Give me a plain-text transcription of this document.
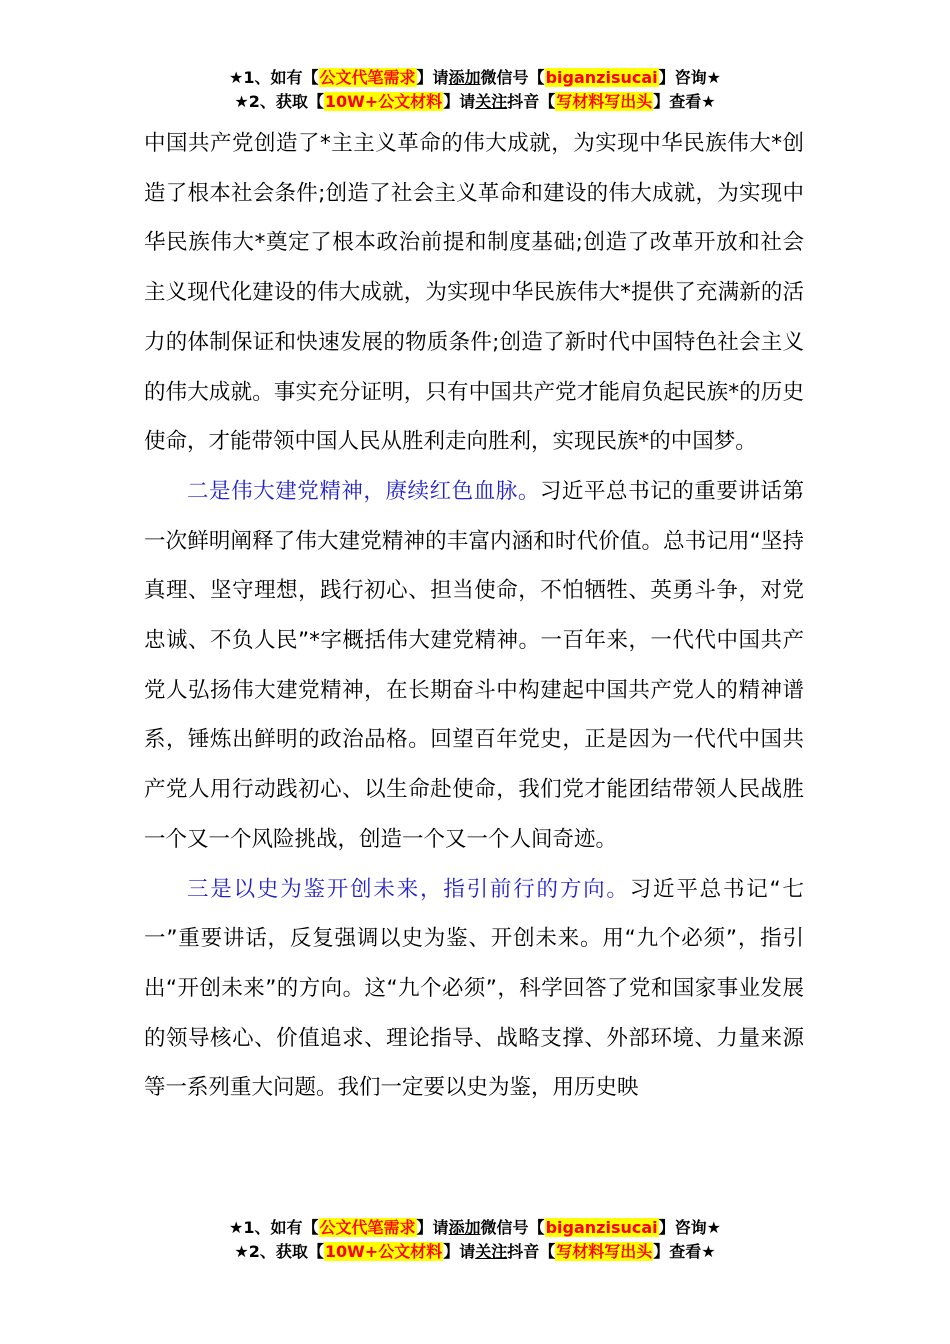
★1、如有【公文代笔需求】请添加微信号【biganzisucai】咨询★
★2、获取【10W+公文材料】请关注抖音【写材料写出头】查看★

中国共产党创造了*主主义革命的伟大成就，为实现中华民族伟大*创造了根本社会条件;创造了社会主义革命和建设的伟大成就，为实现中华民族伟大*奠定了根本政治前提和制度基础;创造了改革开放和社会主义现代化建设的伟大成就，为实现中华民族伟大*提供了充满新的活力的体制保证和快速发展的物质条件;创造了新时代中国特色社会主义的伟大成就。事实充分证明，只有中国共产党才能肩负起民族*的历史使命，才能带领中国人民从胜利走向胜利，实现民族*的中国梦。

二是伟大建党精神，赓续红色血脉。习近平总书记的重要讲话第一次鲜明阐释了伟大建党精神的丰富内涵和时代价值。总书记用“坚持真理、坚守理想，践行初心、担当使命，不怕牺牲、英勇斗争，对党忠诚、不负人民”*字概括伟大建党精神。一百年来，一代代中国共产党人弘扬伟大建党精神，在长期奋斗中构建起中国共产党人的精神谱系，锤炼出鲜明的政治品格。回望百年党史，正是因为一代代中国共产党人用行动践初心、以生命赴使命，我们党才能团结带领人民战胜一个又一个风险挑战，创造一个又一个人间奇迹。

三是以史为鉴开创未来，指引前行的方向。习近平总书记“七一”重要讲话，反复强调以史为鉴、开创未来。用“九个必须”，指引出“开创未来”的方向。这“九个必须”，科学回答了党和国家事业发展的领导核心、价值追求、理论指导、战略支撑、外部环境、力量来源等一系列重大问题。我们一定要以史为鉴，用历史映

★1、如有【公文代笔需求】请添加微信号【biganzisucai】咨询★
★2、获取【10W+公文材料】请关注抖音【写材料写出头】查看★
